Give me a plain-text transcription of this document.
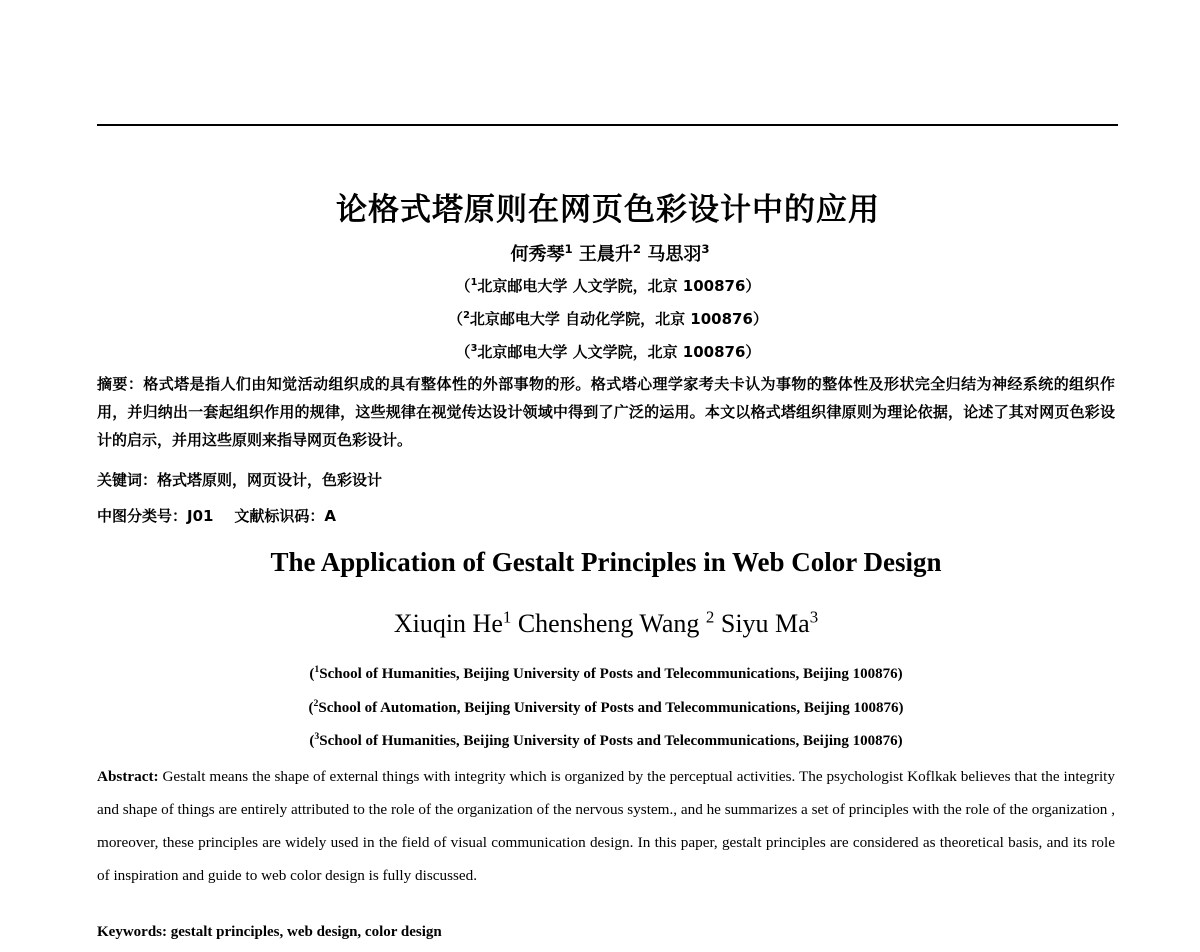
论格式塔原则在网页色彩设计中的应用
何秀琴$^1$ 王晨升$^2$ 马思羽$^3$
（$^1$北京邮电大学 人文学院，北京 100876）
（$^2$北京邮电大学 自动化学院，北京 100876）
（$^3$北京邮电大学 人文学院，北京 100876）
摘要：格式塔是指人们由知觉活动组织成的具有整体性的外部事物的形。格式塔心理学家考夫卡认为事物的整体性及形状完全归结为神经系统的组织作用，并归纳出一套起组织作用的规律，这些规律在视觉传达设计领域中得到了广泛的运用。本文以格式塔组织律原则为理论依据，论述了其对网页色彩设计的启示，并用这些原则来指导网页色彩设计。
关键词：格式塔原则，网页设计，色彩设计
中图分类号：J01 文献标识码：A
The Application of Gestalt Principles in Web Color Design
Xiuqin He$^1$ Chensheng Wang $^2$ Siyu Ma$^3$
($^1$School of Humanities, Beijing University of Posts and Telecommunications, Beijing 100876)
($^2$School of Automation, Beijing University of Posts and Telecommunications, Beijing 100876)
($^3$School of Humanities, Beijing University of Posts and Telecommunications, Beijing 100876)
Abstract: Gestalt means the shape of external things with integrity which is organized by the perceptual activities. The psychologist Koflkak believes that the integrity and shape of things are entirely attributed to the role of the organization of the nervous system., and he summarizes a set of principles with the role of the organization , moreover, these principles are widely used in the field of visual communication design. In this paper, gestalt principles are considered as theoretical basis, and its role of inspiration and guide to web color design is fully discussed.
Keywords: gestalt principles, web design, color design
